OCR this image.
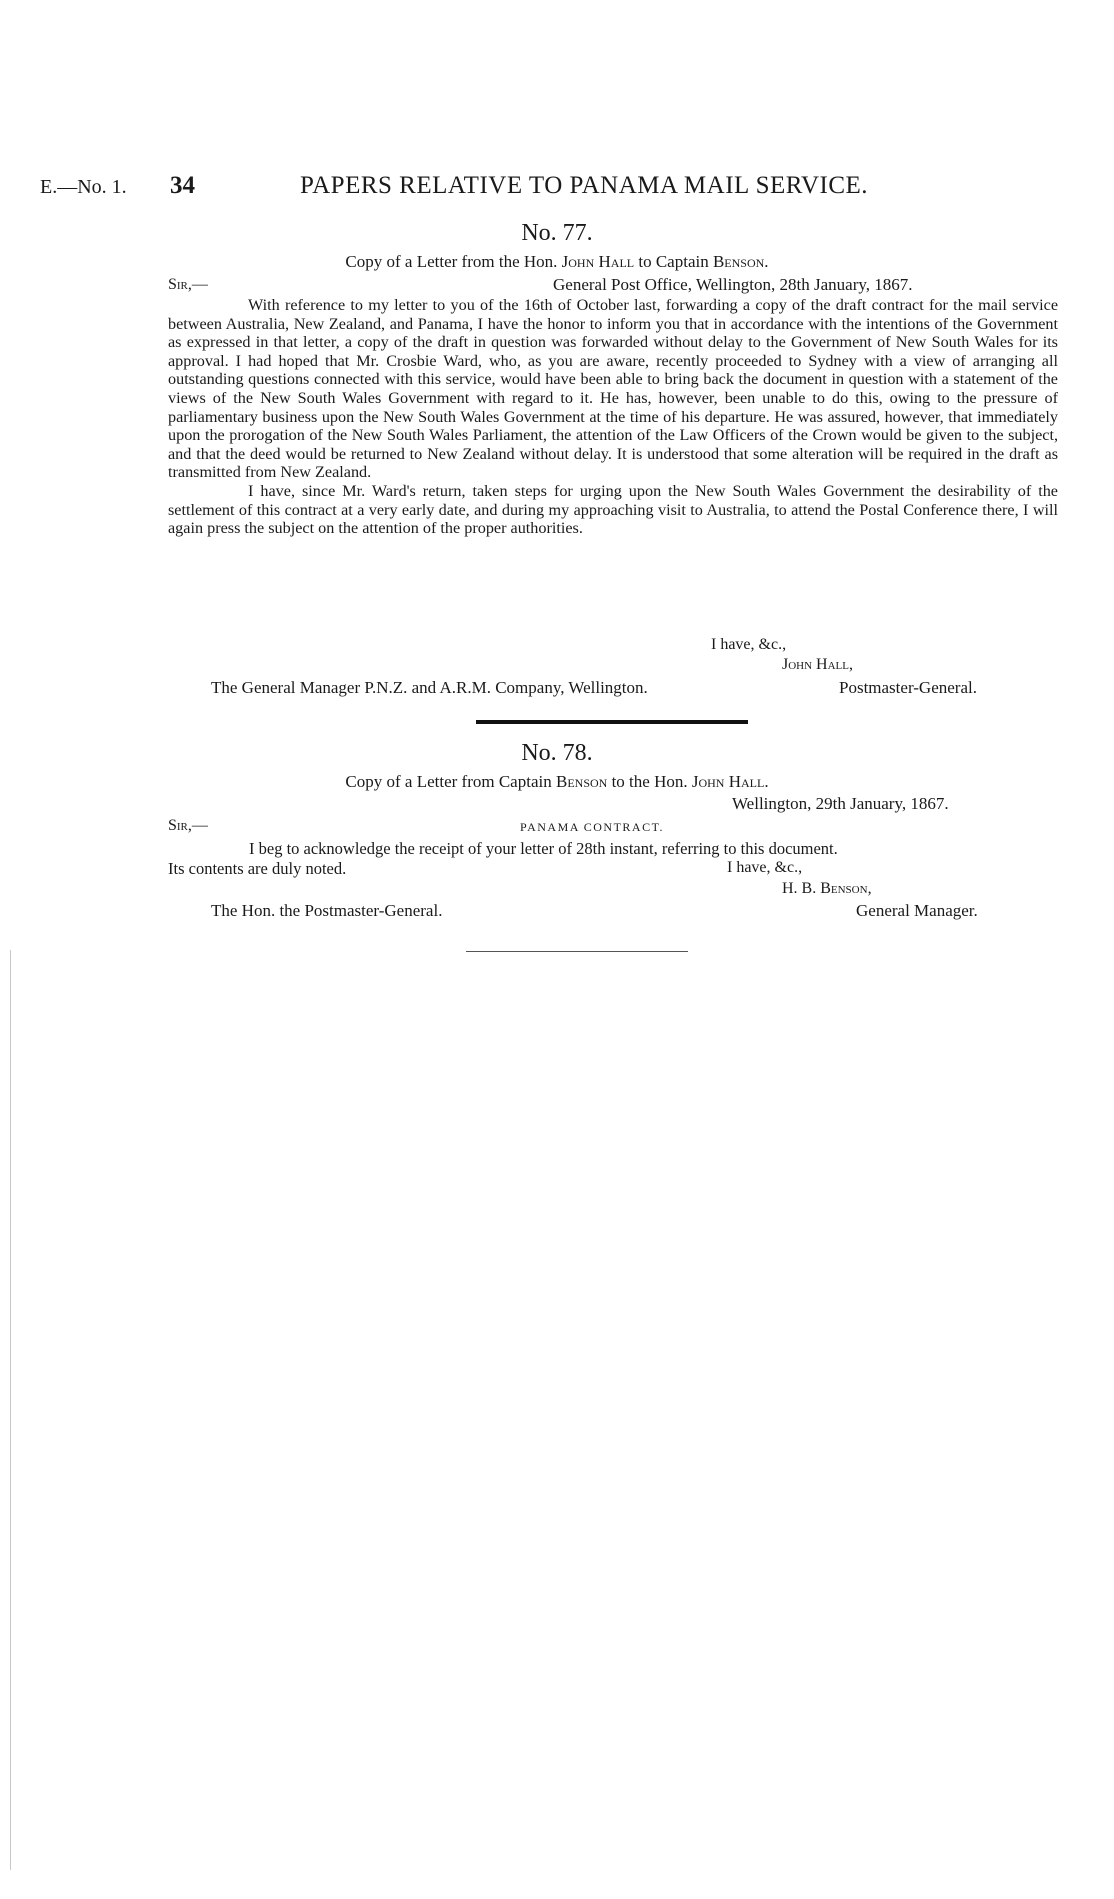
E.—No. 1. 34	PAPERS RELATIVE TO PANAMA MAIL SERVICE.
No. 77.
Copy of a Letter from the Hon. John Hall to Captain Benson.
Sir,—	General Post Office, Wellington, 28th January, 1867.

With reference to my letter to you of the 16th of October last, forwarding a copy of the draft contract for the mail service between Australia, New Zealand, and Panama, I have the honor to inform you that in accordance with the intentions of the Government as expressed in that letter, a copy of the draft in question was forwarded without delay to the Government of New South Wales for its approval. I had hoped that Mr. Crosbie Ward, who, as you are aware, recently proceeded to Sydney with a view of arranging all outstanding questions connected with this service, would have been able to bring back the document in question with a statement of the views of the New South Wales Government with regard to it. He has, however, been unable to do this, owing to the pressure of parliamentary business upon the New South Wales Government at the time of his departure. He was assured, however, that immediately upon the prorogation of the New South Wales Parliament, the attention of the Law Officers of the Crown would be given to the subject, and that the deed would be returned to New Zealand without delay. It is understood that some alteration will be required in the draft as transmitted from New Zealand.

I have, since Mr. Ward's return, taken steps for urging upon the New South Wales Government the desirability of the settlement of this contract at a very early date, and during my approaching visit to Australia, to attend the Postal Conference there, I will again press the subject on the attention of the proper authorities.

I have, &c.,
John Hall,
The General Manager P.N.Z. and A.R.M. Company, Wellington.	Postmaster-General.
No. 78.
Copy of a Letter from Captain Benson to the Hon. John Hall.
Wellington, 29th January, 1867.
Sir,—	PANAMA CONTRACT.
I beg to acknowledge the receipt of your letter of 28th instant, referring to this document.
Its contents are duly noted.	I have, &c.,
H. B. Benson,
The Hon. the Postmaster-General.	General Manager.
